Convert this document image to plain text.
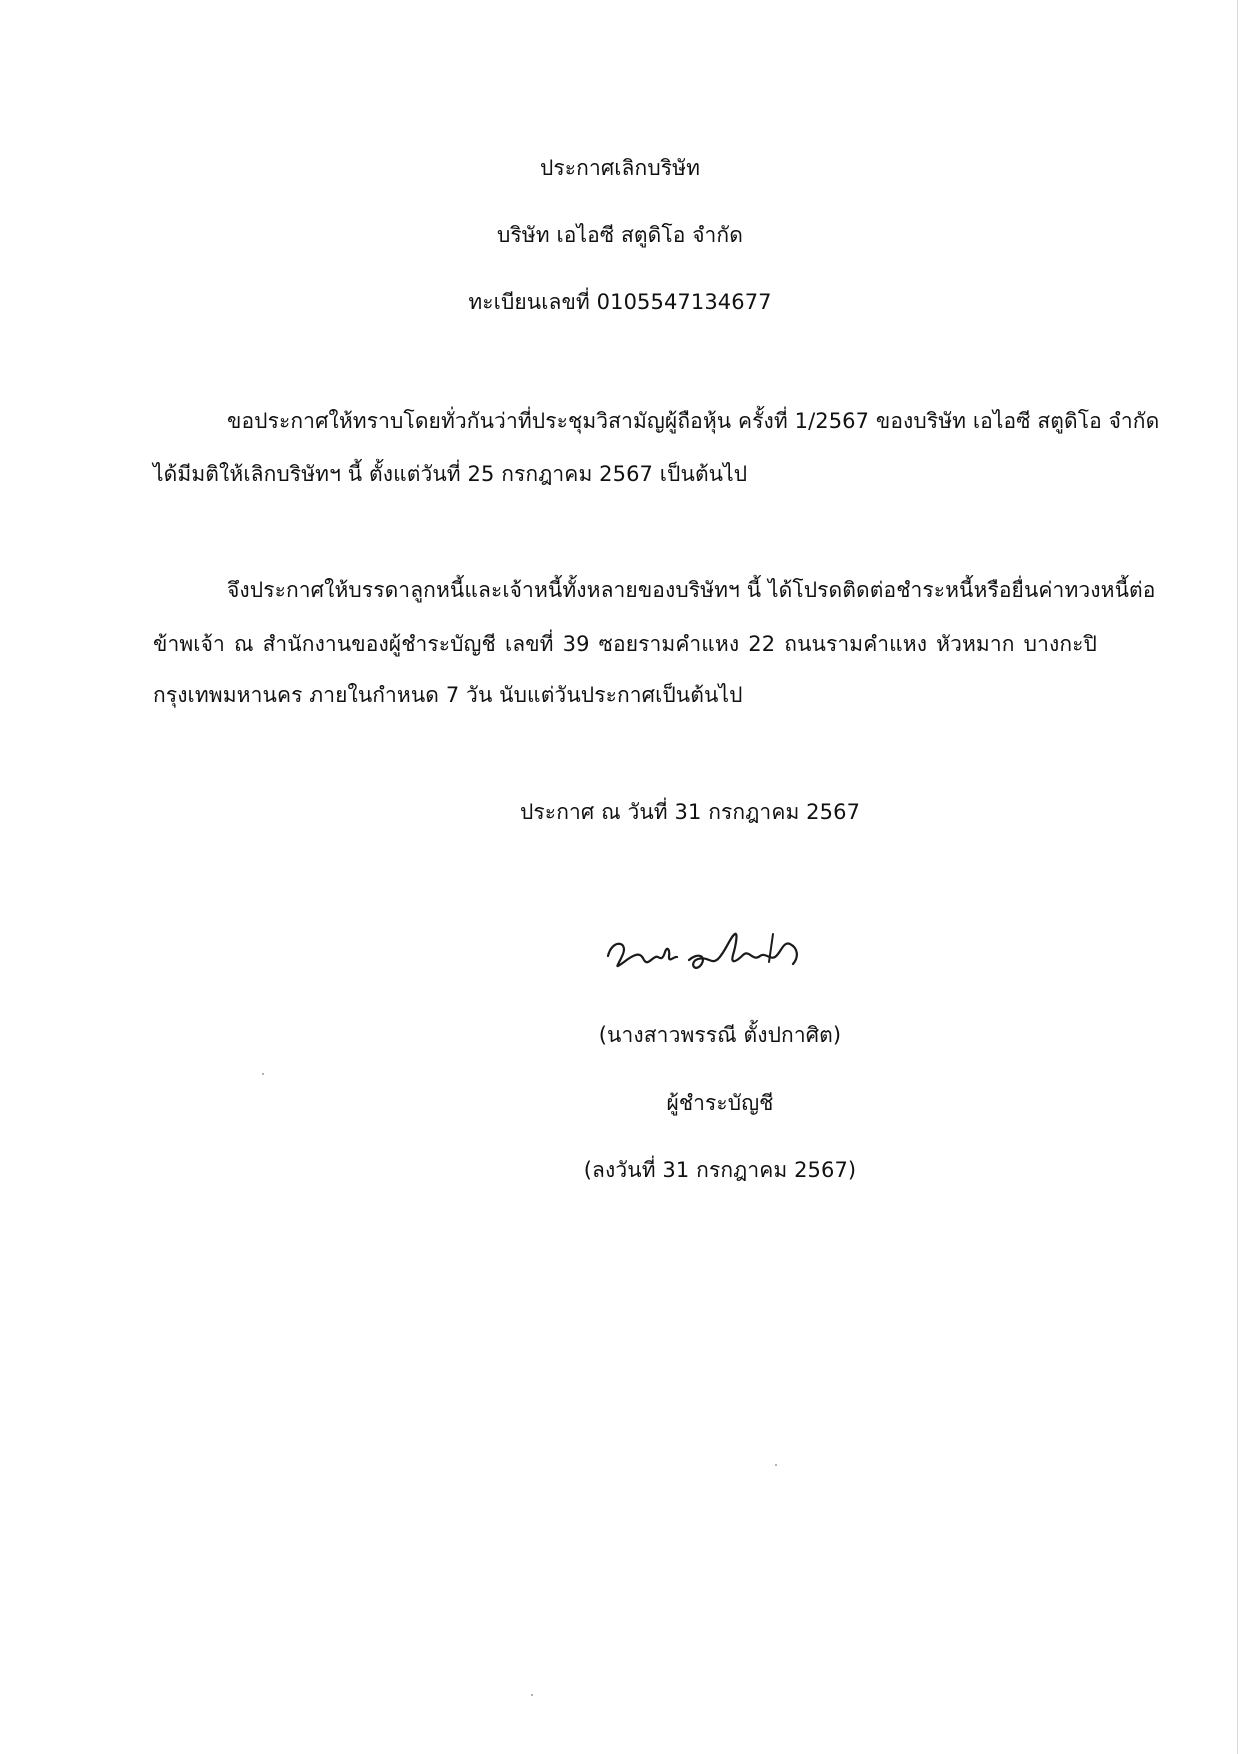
ประกาศเลิกบริษัท
บริษัท เอไอซี สตูดิโอ จำกัด
ทะเบียนเลขที่ 0105547134677
ขอประกาศให้ทราบโดยทั่วกันว่าที่ประชุมวิสามัญผู้ถือหุ้น ครั้งที่ 1/2567 ของบริษัท เอไอซี สตูดิโอ จำกัด
ได้มีมติให้เลิกบริษัทฯ นี้ ตั้งแต่วันที่ 25 กรกฎาคม 2567 เป็นต้นไป
จึงประกาศให้บรรดาลูกหนี้และเจ้าหนี้ทั้งหลายของบริษัทฯ นี้ ได้โปรดติดต่อชำระหนี้หรือยื่นค่าทวงหนี้ต่อ
ข้าพเจ้า ณ สำนักงานของผู้ชำระบัญชี เลขที่ 39 ซอยรามคำแหง 22 ถนนรามคำแหง หัวหมาก บางกะปิ
กรุงเทพมหานคร ภายในกำหนด 7 วัน นับแต่วันประกาศเป็นต้นไป
ประกาศ ณ วันที่ 31 กรกฎาคม 2567
(นางสาวพรรณี ตั้งปกาศิต)
ผู้ชำระบัญชี
(ลงวันที่ 31 กรกฎาคม 2567)
